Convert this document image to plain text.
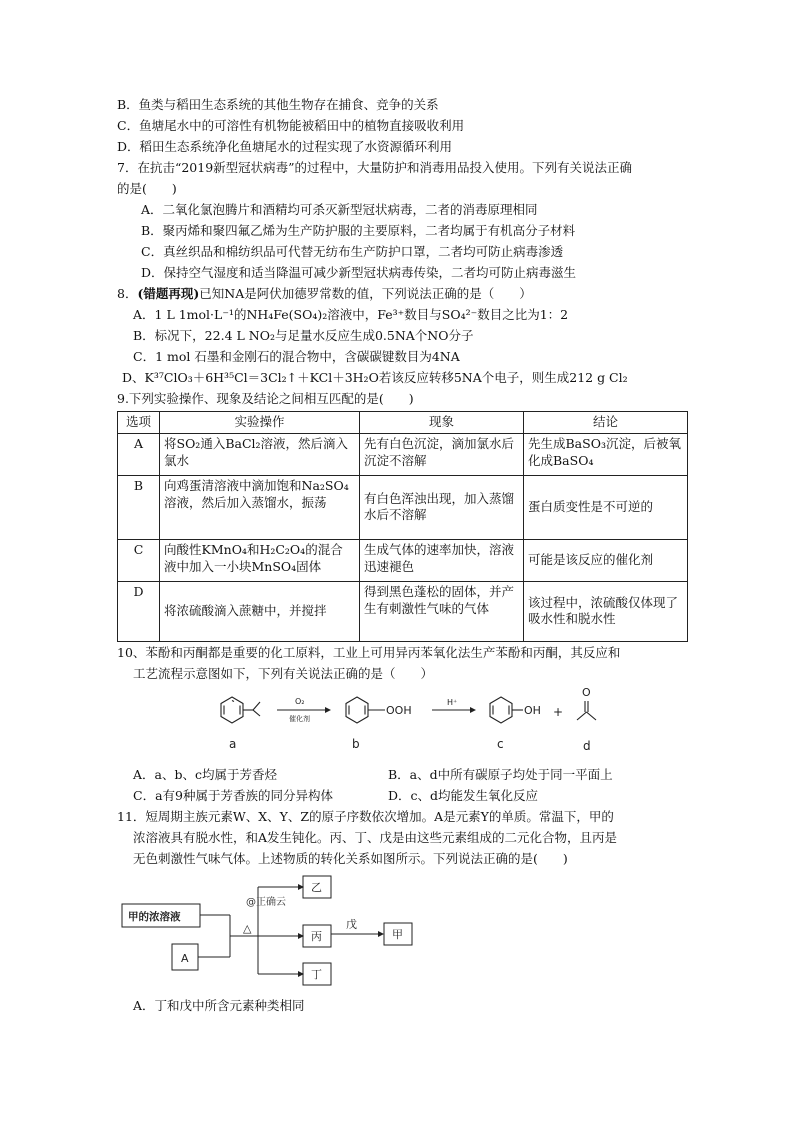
B．鱼类与稻田生态系统的其他生物存在捕食、竞争的关系
C．鱼塘尾水中的可溶性有机物能被稻田中的植物直接吸收利用
D．稻田生态系统净化鱼塘尾水的过程实现了水资源循环利用
7．在抗击“2019新型冠状病毒”的过程中，大量防护和消毒用品投入使用。下列有关说法正确
的是(　　)
A．二氧化氯泡腾片和酒精均可杀灭新型冠状病毒，二者的消毒原理相同
B．聚丙烯和聚四氟乙烯为生产防护服的主要原料，二者均属于有机高分子材料
C．真丝织品和棉纺织品可代替无纺布生产防护口罩，二者均可防止病毒渗透
D．保持空气湿度和适当降温可减少新型冠状病毒传染，二者均可防止病毒滋生
8．(错题再现)已知NA是阿伏加德罗常数的值，下列说法正确的是（　　）
A．1 L 1mol·L⁻¹的NH₄Fe(SO₄)₂溶液中，Fe³⁺数目与SO₄²⁻数目之比为1：2
B．标况下，22.4 L NO₂与足量水反应生成0.5NA个NO分子
C．1 mol 石墨和金刚石的混合物中，含碳碳键数目为4NA
D、K³⁷ClO₃＋6H³⁵Cl＝3Cl₂↑＋KCl＋3H₂O若该反应转移5NA个电子，则生成212 g Cl₂
9.下列实验操作、现象及结论之间相互匹配的是(　　)
选项	实验操作	现象	结论
A	将SO₂通入BaCl₂溶液，然后滴入氯水	先有白色沉淀，滴加氯水后沉淀不溶解	先生成BaSO₃沉淀，后被氧化成BaSO₄
B	向鸡蛋清溶液中滴加饱和Na₂SO₄溶液，然后加入蒸馏水，振荡	有白色浑浊出现，加入蒸馏水后不溶解	蛋白质变性是不可逆的
C	向酸性KMnO₄和H₂C₂O₄的混合液中加入一小块MnSO₄固体	生成气体的速率加快，溶液迅速褪色	可能是该反应的催化剂
D	将浓硫酸滴入蔗糖中，并搅拌	得到黑色蓬松的固体，并产生有刺激性气味的气体	该过程中，浓硫酸仅体现了吸水性和脱水性
10、苯酚和丙酮都是重要的化工原料，工业上可用异丙苯氧化法生产苯酚和丙酮，其反应和
工艺流程示意图如下，下列有关说法正确的是（　　）
a
O₂
催化剂
OOH
b
H⁺
OH
c
+
O
d
A．a、b、c均属于芳香烃	B．a、d中所有碳原子均处于同一平面上
C．a有9种属于芳香族的同分异构体	D．c、d均能发生氧化反应
11．短周期主族元素W、X、Y、Z的原子序数依次增加。A是元素Y的单质。常温下，甲的
浓溶液具有脱水性，和A发生钝化。丙、丁、戊是由这些元素组成的二元化合物，且丙是
无色刺激性气味气体。上述物质的转化关系如图所示。下列说法正确的是(　　)
甲的浓溶液
A
△
@正确云
乙
丙
丁
戊
甲
A．丁和戊中所含元素种类相同
